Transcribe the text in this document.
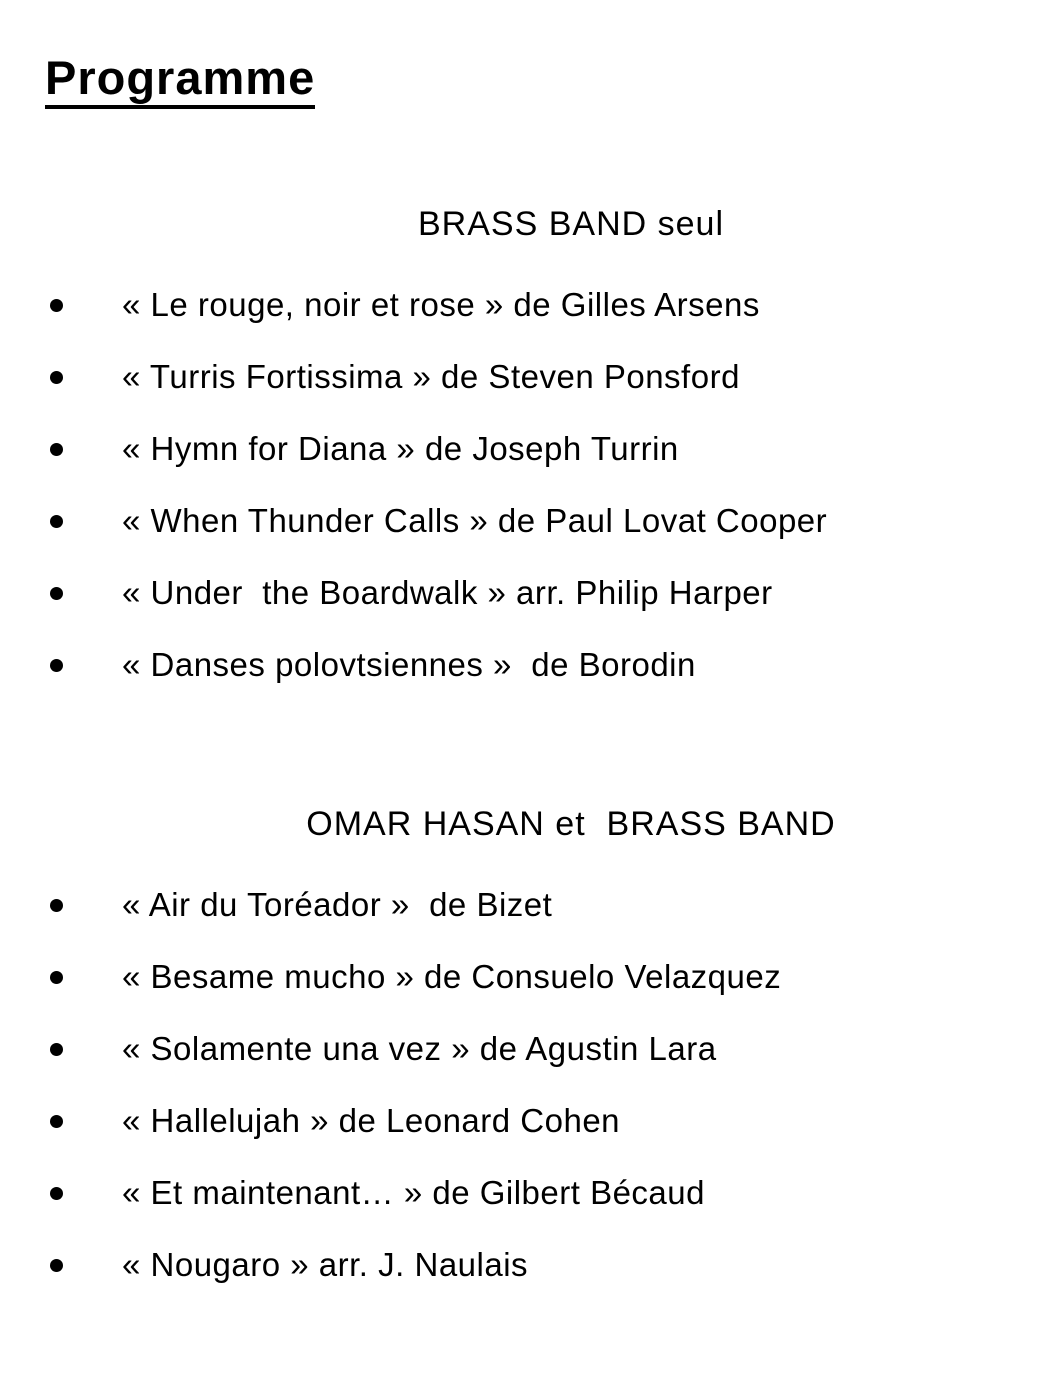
Programme
BRASS BAND seul
« Le rouge, noir et rose » de Gilles Arsens
« Turris Fortissima » de Steven Ponsford
« Hymn for Diana » de Joseph Turrin
« When Thunder Calls » de Paul Lovat Cooper
« Under  the Boardwalk » arr. Philip Harper
« Danses polovtsiennes »  de Borodin
OMAR HASAN et  BRASS BAND
« Air du Toréador »  de Bizet
« Besame mucho » de Consuelo Velazquez
« Solamente una vez » de Agustin Lara
« Hallelujah » de Leonard Cohen
« Et maintenant… » de Gilbert Bécaud
« Nougaro » arr. J. Naulais
